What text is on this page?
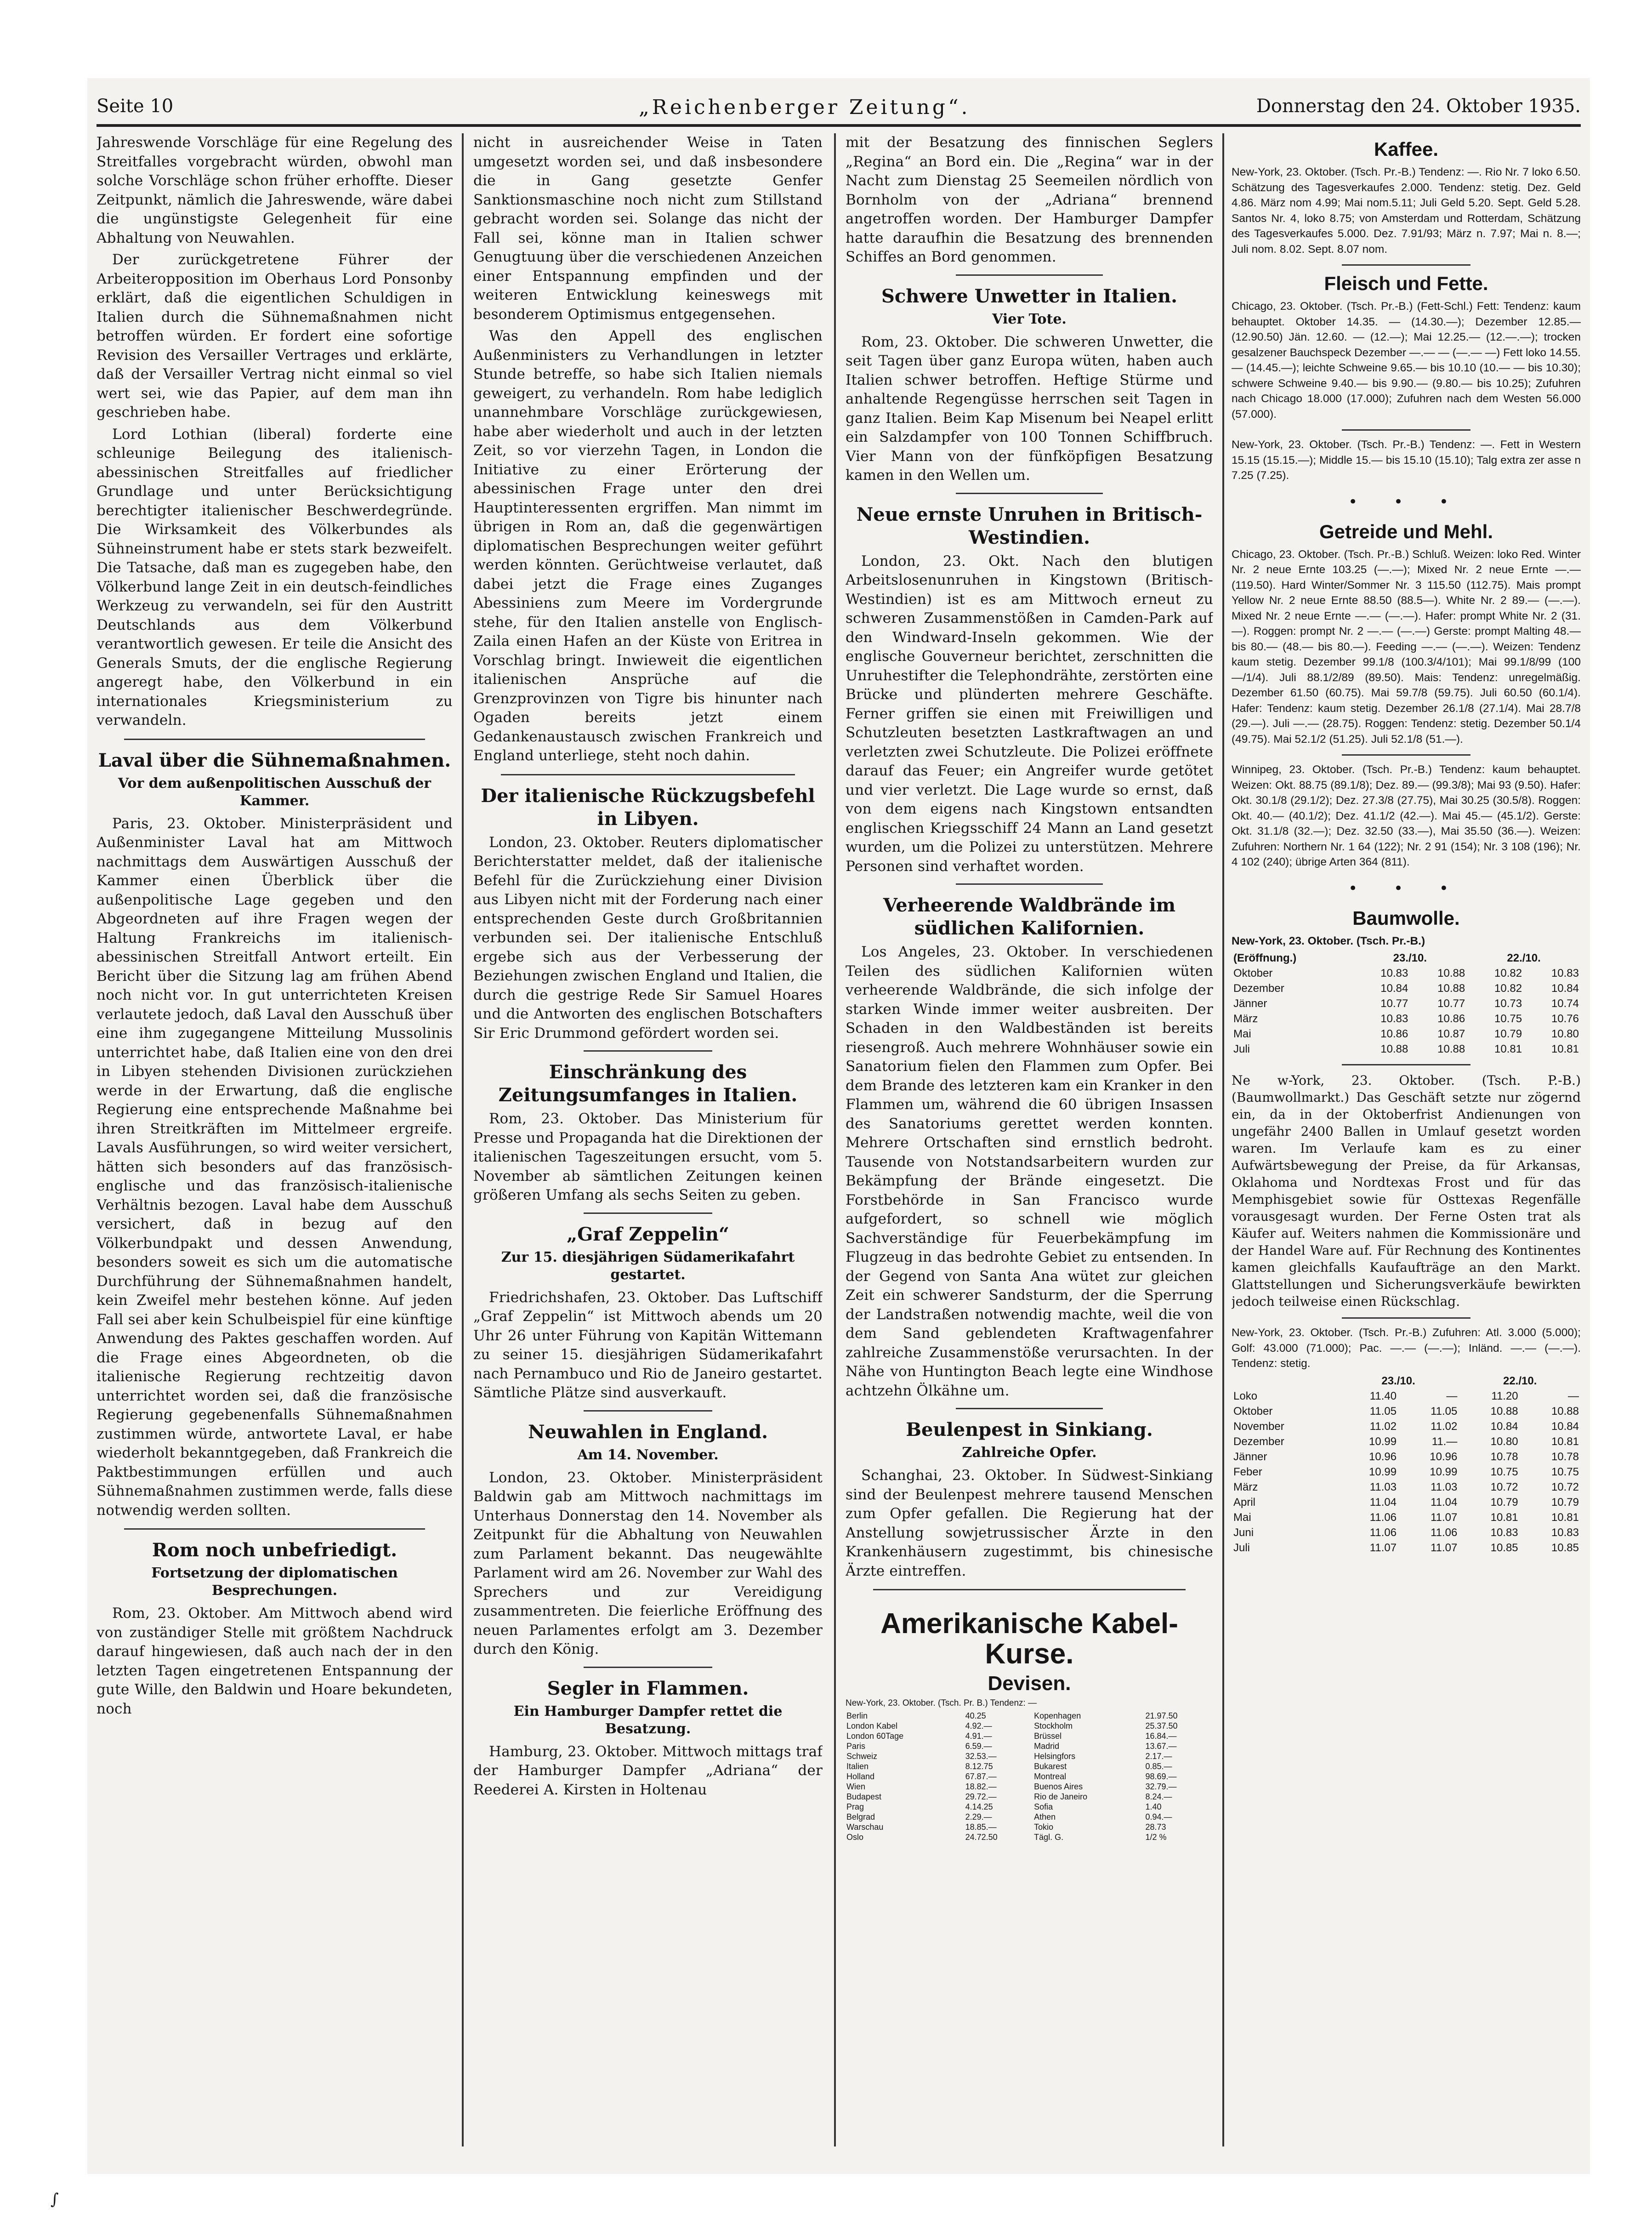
Seite 10	„Reichenberger Zeitung“.	Donnerstag den 24. Oktober 1935.

Jahreswende Vorschläge für eine Regelung des Streitfalles vorgebracht würden, obwohl man solche Vorschläge schon früher erhoffte. Dieser Zeitpunkt, nämlich die Jahreswende, wäre dabei die ungünstigste Gelegenheit für eine Abhaltung von Neuwahlen.

Der zurückgetretene Führer der Arbeiteropposition im Oberhaus Lord Ponsonby erklärt, daß die eigentlichen Schuldigen in Italien durch die Sühnemaßnahmen nicht betroffen würden. Er fordert eine sofortige Revision des Versailler Vertrages und erklärte, daß der Versailler Vertrag nicht einmal so viel wert sei, wie das Papier, auf dem man ihn geschrieben habe.

Lord Lothian (liberal) forderte eine schleunige Beilegung des italienisch-abessinischen Streitfalles auf friedlicher Grundlage und unter Berücksichtigung berechtigter italienischer Beschwerdegründe. Die Wirksamkeit des Völkerbundes als Sühneinstrument habe er stets stark bezweifelt. Die Tatsache, daß man es zugegeben habe, den Völkerbund lange Zeit in ein deutsch-feindliches Werkzeug zu verwandeln, sei für den Austritt Deutschlands aus dem Völkerbund verantwortlich gewesen. Er teile die Ansicht des Generals Smuts, der die englische Regierung angeregt habe, den Völkerbund in ein internationales Kriegsministerium zu verwandeln.

Laval über die Sühnemaßnahmen.
Vor dem außenpolitischen Ausschuß der Kammer.

Paris, 23. Oktober. Ministerpräsident und Außenminister Laval hat am Mittwoch nachmittags dem Auswärtigen Ausschuß der Kammer einen Überblick über die außenpolitische Lage gegeben und den Abgeordneten auf ihre Fragen wegen der Haltung Frankreichs im italienisch-abessinischen Streitfall Antwort erteilt. Ein Bericht über die Sitzung lag am frühen Abend noch nicht vor. In gut unterrichteten Kreisen verlautete jedoch, daß Laval den Ausschuß über eine ihm zugegangene Mitteilung Mussolinis unterrichtet habe, daß Italien eine von den drei in Libyen stehenden Divisionen zurückziehen werde in der Erwartung, daß die englische Regierung eine entsprechende Maßnahme bei ihren Streitkräften im Mittelmeer ergreife. Lavals Ausführungen, so wird weiter versichert, hätten sich besonders auf das französisch-englische und das französisch-italienische Verhältnis bezogen. Laval habe dem Ausschuß versichert, daß in bezug auf den Völkerbundpakt und dessen Anwendung, besonders soweit es sich um die automatische Durchführung der Sühnemaßnahmen handelt, kein Zweifel mehr bestehen könne. Auf jeden Fall sei aber kein Schulbeispiel für eine künftige Anwendung des Paktes geschaffen worden. Auf die Frage eines Abgeordneten, ob die italienische Regierung rechtzeitig davon unterrichtet worden sei, daß die französische Regierung gegebenenfalls Sühnemaßnahmen zustimmen würde, antwortete Laval, er habe wiederholt bekanntgegeben, daß Frankreich die Paktbestimmungen erfüllen und auch Sühnemaßnahmen zustimmen werde, falls diese notwendig werden sollten.

Rom noch unbefriedigt.
Fortsetzung der diplomatischen Besprechungen.

Rom, 23. Oktober. Am Mittwoch abend wird von zuständiger Stelle mit größtem Nachdruck darauf hingewiesen, daß auch nach der in den letzten Tagen eingetretenen Entspannung der gute Wille, den Baldwin und Hoare bekundeten, noch

nicht in ausreichender Weise in Taten umgesetzt worden sei, und daß insbesondere die in Gang gesetzte Genfer Sanktionsmaschine noch nicht zum Stillstand gebracht worden sei. Solange das nicht der Fall sei, könne man in Italien schwer Genugtuung über die verschiedenen Anzeichen einer Entspannung empfinden und der weiteren Entwicklung keineswegs mit besonderem Optimismus entgegensehen.

Was den Appell des englischen Außenministers zu Verhandlungen in letzter Stunde betreffe, so habe sich Italien niemals geweigert, zu verhandeln. Rom habe lediglich unannehmbare Vorschläge zurückgewiesen, habe aber wiederholt und auch in der letzten Zeit, so vor vierzehn Tagen, in London die Initiative zu einer Erörterung der abessinischen Frage unter den drei Hauptinteressenten ergriffen. Man nimmt im übrigen in Rom an, daß die gegenwärtigen diplomatischen Besprechungen weiter geführt werden könnten. Gerüchtweise verlautet, daß dabei jetzt die Frage eines Zuganges Abessiniens zum Meere im Vordergrunde stehe, für den Italien anstelle von Englisch-Zaila einen Hafen an der Küste von Eritrea in Vorschlag bringt. Inwieweit die eigentlichen italienischen Ansprüche auf die Grenzprovinzen von Tigre bis hinunter nach Ogaden bereits jetzt einem Gedankenaustausch zwischen Frankreich und England unterliege, steht noch dahin.

Der italienische Rückzugsbefehl in Libyen.

London, 23. Oktober. Reuters diplomatischer Berichterstatter meldet, daß der italienische Befehl für die Zurückziehung einer Division aus Libyen nicht mit der Forderung nach einer entsprechenden Geste durch Großbritannien verbunden sei. Der italienische Entschluß ergebe sich aus der Verbesserung der Beziehungen zwischen England und Italien, die durch die gestrige Rede Sir Samuel Hoares und die Antworten des englischen Botschafters Sir Eric Drummond gefördert worden sei.

Einschränkung des Zeitungsumfanges in Italien.

Rom, 23. Oktober. Das Ministerium für Presse und Propaganda hat die Direktionen der italienischen Tageszeitungen ersucht, vom 5. November ab sämtlichen Zeitungen keinen größeren Umfang als sechs Seiten zu geben.

„Graf Zeppelin“
Zur 15. diesjährigen Südamerikafahrt gestartet.

Friedrichshafen, 23. Oktober. Das Luftschiff „Graf Zeppelin“ ist Mittwoch abends um 20 Uhr 26 unter Führung von Kapitän Wittemann zu seiner 15. diesjährigen Südamerikafahrt nach Pernambuco und Rio de Janeiro gestartet. Sämtliche Plätze sind ausverkauft.

Neuwahlen in England.
Am 14. November.

London, 23. Oktober. Ministerpräsident Baldwin gab am Mittwoch nachmittags im Unterhaus Donnerstag den 14. November als Zeitpunkt für die Abhaltung von Neuwahlen zum Parlament bekannt. Das neugewählte Parlament wird am 26. November zur Wahl des Sprechers und zur Vereidigung zusammentreten. Die feierliche Eröffnung des neuen Parlamentes erfolgt am 3. Dezember durch den König.

Segler in Flammen.
Ein Hamburger Dampfer rettet die Besatzung.

Hamburg, 23. Oktober. Mittwoch mittags traf der Hamburger Dampfer „Adriana“ der Reederei A. Kirsten in Holtenau

mit der Besatzung des finnischen Seglers „Regina“ an Bord ein. Die „Regina“ war in der Nacht zum Dienstag 25 Seemeilen nördlich von Bornholm von der „Adriana“ brennend angetroffen worden. Der Hamburger Dampfer hatte daraufhin die Besatzung des brennenden Schiffes an Bord genommen.

Schwere Unwetter in Italien.
Vier Tote.

Rom, 23. Oktober. Die schweren Unwetter, die seit Tagen über ganz Europa wüten, haben auch Italien schwer betroffen. Heftige Stürme und anhaltende Regengüsse herrschen seit Tagen in ganz Italien. Beim Kap Misenum bei Neapel erlitt ein Salzdampfer von 100 Tonnen Schiffbruch. Vier Mann von der fünfköpfigen Besatzung kamen in den Wellen um.

Neue ernste Unruhen in Britisch-Westindien.

London, 23. Okt. Nach den blutigen Arbeitslosenunruhen in Kingstown (Britisch-Westindien) ist es am Mittwoch erneut zu schweren Zusammenstößen in Camden-Park auf den Windward-Inseln gekommen. Wie der englische Gouverneur berichtet, zerschnitten die Unruhestifter die Telephondrähte, zerstörten eine Brücke und plünderten mehrere Geschäfte. Ferner griffen sie einen mit Freiwilligen und Schutzleuten besetzten Lastkraftwagen an und verletzten zwei Schutzleute. Die Polizei eröffnete darauf das Feuer; ein Angreifer wurde getötet und vier verletzt. Die Lage wurde so ernst, daß von dem eigens nach Kingstown entsandten englischen Kriegsschiff 24 Mann an Land gesetzt wurden, um die Polizei zu unterstützen. Mehrere Personen sind verhaftet worden.

Verheerende Waldbrände im südlichen Kalifornien.

Los Angeles, 23. Oktober. In verschiedenen Teilen des südlichen Kalifornien wüten verheerende Waldbrände, die sich infolge der starken Winde immer weiter ausbreiten. Der Schaden in den Waldbeständen ist bereits riesengroß. Auch mehrere Wohnhäuser sowie ein Sanatorium fielen den Flammen zum Opfer. Bei dem Brande des letzteren kam ein Kranker in den Flammen um, während die 60 übrigen Insassen des Sanatoriums gerettet werden konnten. Mehrere Ortschaften sind ernstlich bedroht. Tausende von Notstandsarbeitern wurden zur Bekämpfung der Brände eingesetzt. Die Forstbehörde in San Francisco wurde aufgefordert, so schnell wie möglich Sachverständige für Feuerbekämpfung im Flugzeug in das bedrohte Gebiet zu entsenden. In der Gegend von Santa Ana wütet zur gleichen Zeit ein schwerer Sandsturm, der die Sperrung der Landstraßen notwendig machte, weil die von dem Sand geblendeten Kraftwagenfahrer zahlreiche Zusammenstöße verursachten. In der Nähe von Huntington Beach legte eine Windhose achtzehn Ölkähne um.

Beulenpest in Sinkiang.
Zahlreiche Opfer.

Schanghai, 23. Oktober. In Südwest-Sinkiang sind der Beulenpest mehrere tausend Menschen zum Opfer gefallen. Die Regierung hat der Anstellung sowjetrussischer Ärzte in den Krankenhäusern zugestimmt, bis chinesische Ärzte eintreffen.

Amerikanische Kabel-Kurse.
Devisen.
New-York, 23. Oktober. (Tsch. Pr. B.) Tendenz: —
Berlin	40.25	Kopenhagen	21.97.50
London Kabel	4.92.—	Stockholm	25.37.50
London 60Tage	4.91.—	Brüssel	16.84.—
Paris	6.59.—	Madrid	13.67.—
Schweiz	32.53.—	Helsingfors	2.17.—
Italien	8.12.75	Bukarest	0.85.—
Holland	67.87.—	Montreal	98.69.—
Wien	18.82.—	Buenos Aires	32.79.—
Budapest	29.72.—	Rio de Janeiro	8.24.—
Prag	4.14.25	Sofia	1.40
Belgrad	2.29.—	Athen	0.94.—
Warschau	18.85.—	Tokio	28.73
Oslo	24.72.50	Tägl. G.	1/2 %
Kaffee.

New-York, 23. Oktober. (Tsch. Pr.-B.) Tendenz: —. Rio Nr. 7 loko 6.50. Schätzung des Tagesverkaufes 2.000. Tendenz: stetig. Dez. Geld 4.86. März nom 4.99; Mai nom.5.11; Juli Geld 5.20. Sept. Geld 5.28. Santos Nr. 4, loko 8.75; von Amsterdam und Rotterdam, Schätzung des Tagesverkaufes 5.000. Dez. 7.91/93; März n. 7.97; Mai n. 8.—; Juli nom. 8.02. Sept. 8.07 nom.

Fleisch und Fette.

Chicago, 23. Oktober. (Tsch. Pr.-B.) (Fett-Schl.) Fett: Tendenz: kaum behauptet. Oktober 14.35. — (14.30.—); Dezember 12.85.— (12.90.50) Jän. 12.60. — (12.—); Mai 12.25.— (12.—.—); trocken gesalzener Bauchspeck Dezember —.— — (—.— —) Fett loko 14.55.— (14.45.—); leichte Schweine 9.65.— bis 10.10 (10.— — bis 10.30); schwere Schweine 9.40.— bis 9.90.— (9.80.— bis 10.25); Zufuhren nach Chicago 18.000 (17.000); Zufuhren nach dem Westen 56.000 (57.000).

New-York, 23. Oktober. (Tsch. Pr.-B.) Tendenz: —. Fett in Western 15.15 (15.15.—); Middle 15.— bis 15.10 (15.10); Talg extra zer asse n 7.25 (7.25).

• • •
Getreide und Mehl.

Chicago, 23. Oktober. (Tsch. Pr.-B.) Schluß. Weizen: loko Red. Winter Nr. 2 neue Ernte 103.25 (—.—); Mixed Nr. 2 neue Ernte —.— (119.50). Hard Winter/Sommer Nr. 3 115.50 (112.75). Mais prompt Yellow Nr. 2 neue Ernte 88.50 (88.5—). White Nr. 2 89.— (—.—). Mixed Nr. 2 neue Ernte —.— (—.—). Hafer: prompt White Nr. 2 (31.—). Roggen: prompt Nr. 2 —.— (—.—) Gerste: prompt Malting 48.— bis 80.— (48.— bis 80.—). Feeding —.— (—.—). Weizen: Tendenz kaum stetig. Dezember 99.1/8 (100.3/4/101); Mai 99.1/8/99 (100 —/1/4). Juli 88.1/2/89 (89.50). Mais: Tendenz: unregelmäßig. Dezember 61.50 (60.75). Mai 59.7/8 (59.75). Juli 60.50 (60.1/4). Hafer: Tendenz: kaum stetig. Dezember 26.1/8 (27.1/4). Mai 28.7/8 (29.—). Juli —.— (28.75). Roggen: Tendenz: stetig. Dezember 50.1/4 (49.75). Mai 52.1/2 (51.25). Juli 52.1/8 (51.—).

Winnipeg, 23. Oktober. (Tsch. Pr.-B.) Tendenz: kaum behauptet. Weizen: Okt. 88.75 (89.1/8); Dez. 89.— (99.3/8); Mai 93 (9.50). Hafer: Okt. 30.1/8 (29.1/2); Dez. 27.3/8 (27.75), Mai 30.25 (30.5/8). Roggen: Okt. 40.— (40.1/2); Dez. 41.1/2 (42.—). Mai 45.— (45.1/2). Gerste: Okt. 31.1/8 (32.—); Dez. 32.50 (33.—), Mai 35.50 (36.—). Weizen: Zufuhren: Northern Nr. 1 64 (122); Nr. 2 91 (154); Nr. 3 108 (196); Nr. 4 102 (240); übrige Arten 364 (811).

• • •
Baumwolle.
New-York, 23. Oktober. (Tsch. Pr.-B.)
(Eröffnung.)	23./10.		22./10.	
Oktober	10.83	10.88	10.82	10.83
Dezember	10.84	10.88	10.82	10.84
Jänner	10.77	10.77	10.73	10.74
März	10.83	10.86	10.75	10.76
Mai	10.86	10.87	10.79	10.80
Juli	10.88	10.88	10.81	10.81

Ne w-York, 23. Oktober. (Tsch. P.-B.) (Baumwollmarkt.) Das Geschäft setzte nur zögernd ein, da in der Oktoberfrist Andienungen von ungefähr 2400 Ballen in Umlauf gesetzt worden waren. Im Verlaufe kam es zu einer Aufwärtsbewegung der Preise, da für Arkansas, Oklahoma und Nordtexas Frost und für das Memphisgebiet sowie für Osttexas Regenfälle vorausgesagt wurden. Der Ferne Osten trat als Käufer auf. Weiters nahmen die Kommissionäre und der Handel Ware auf. Für Rechnung des Kontinentes kamen gleichfalls Kaufaufträge an den Markt. Glattstellungen und Sicherungsverkäufe bewirkten jedoch teilweise einen Rückschlag.

New-York, 23. Oktober. (Tsch. Pr.-B.) Zufuhren: Atl. 3.000 (5.000); Golf: 43.000 (71.000); Pac. —.— (—.—); Inländ. —.— (—.—). Tendenz: stetig.

	23./10.		22./10.	
Loko	11.40	—	11.20	—
Oktober	11.05	11.05	10.88	10.88
November	11.02	11.02	10.84	10.84
Dezember	10.99	11.—	10.80	10.81
Jänner	10.96	10.96	10.78	10.78
Feber	10.99	10.99	10.75	10.75
März	11.03	11.03	10.72	10.72
April	11.04	11.04	10.79	10.79
Mai	11.06	11.07	10.81	10.81
Juni	11.06	11.06	10.83	10.83
Juli	11.07	11.07	10.85	10.85
∫
